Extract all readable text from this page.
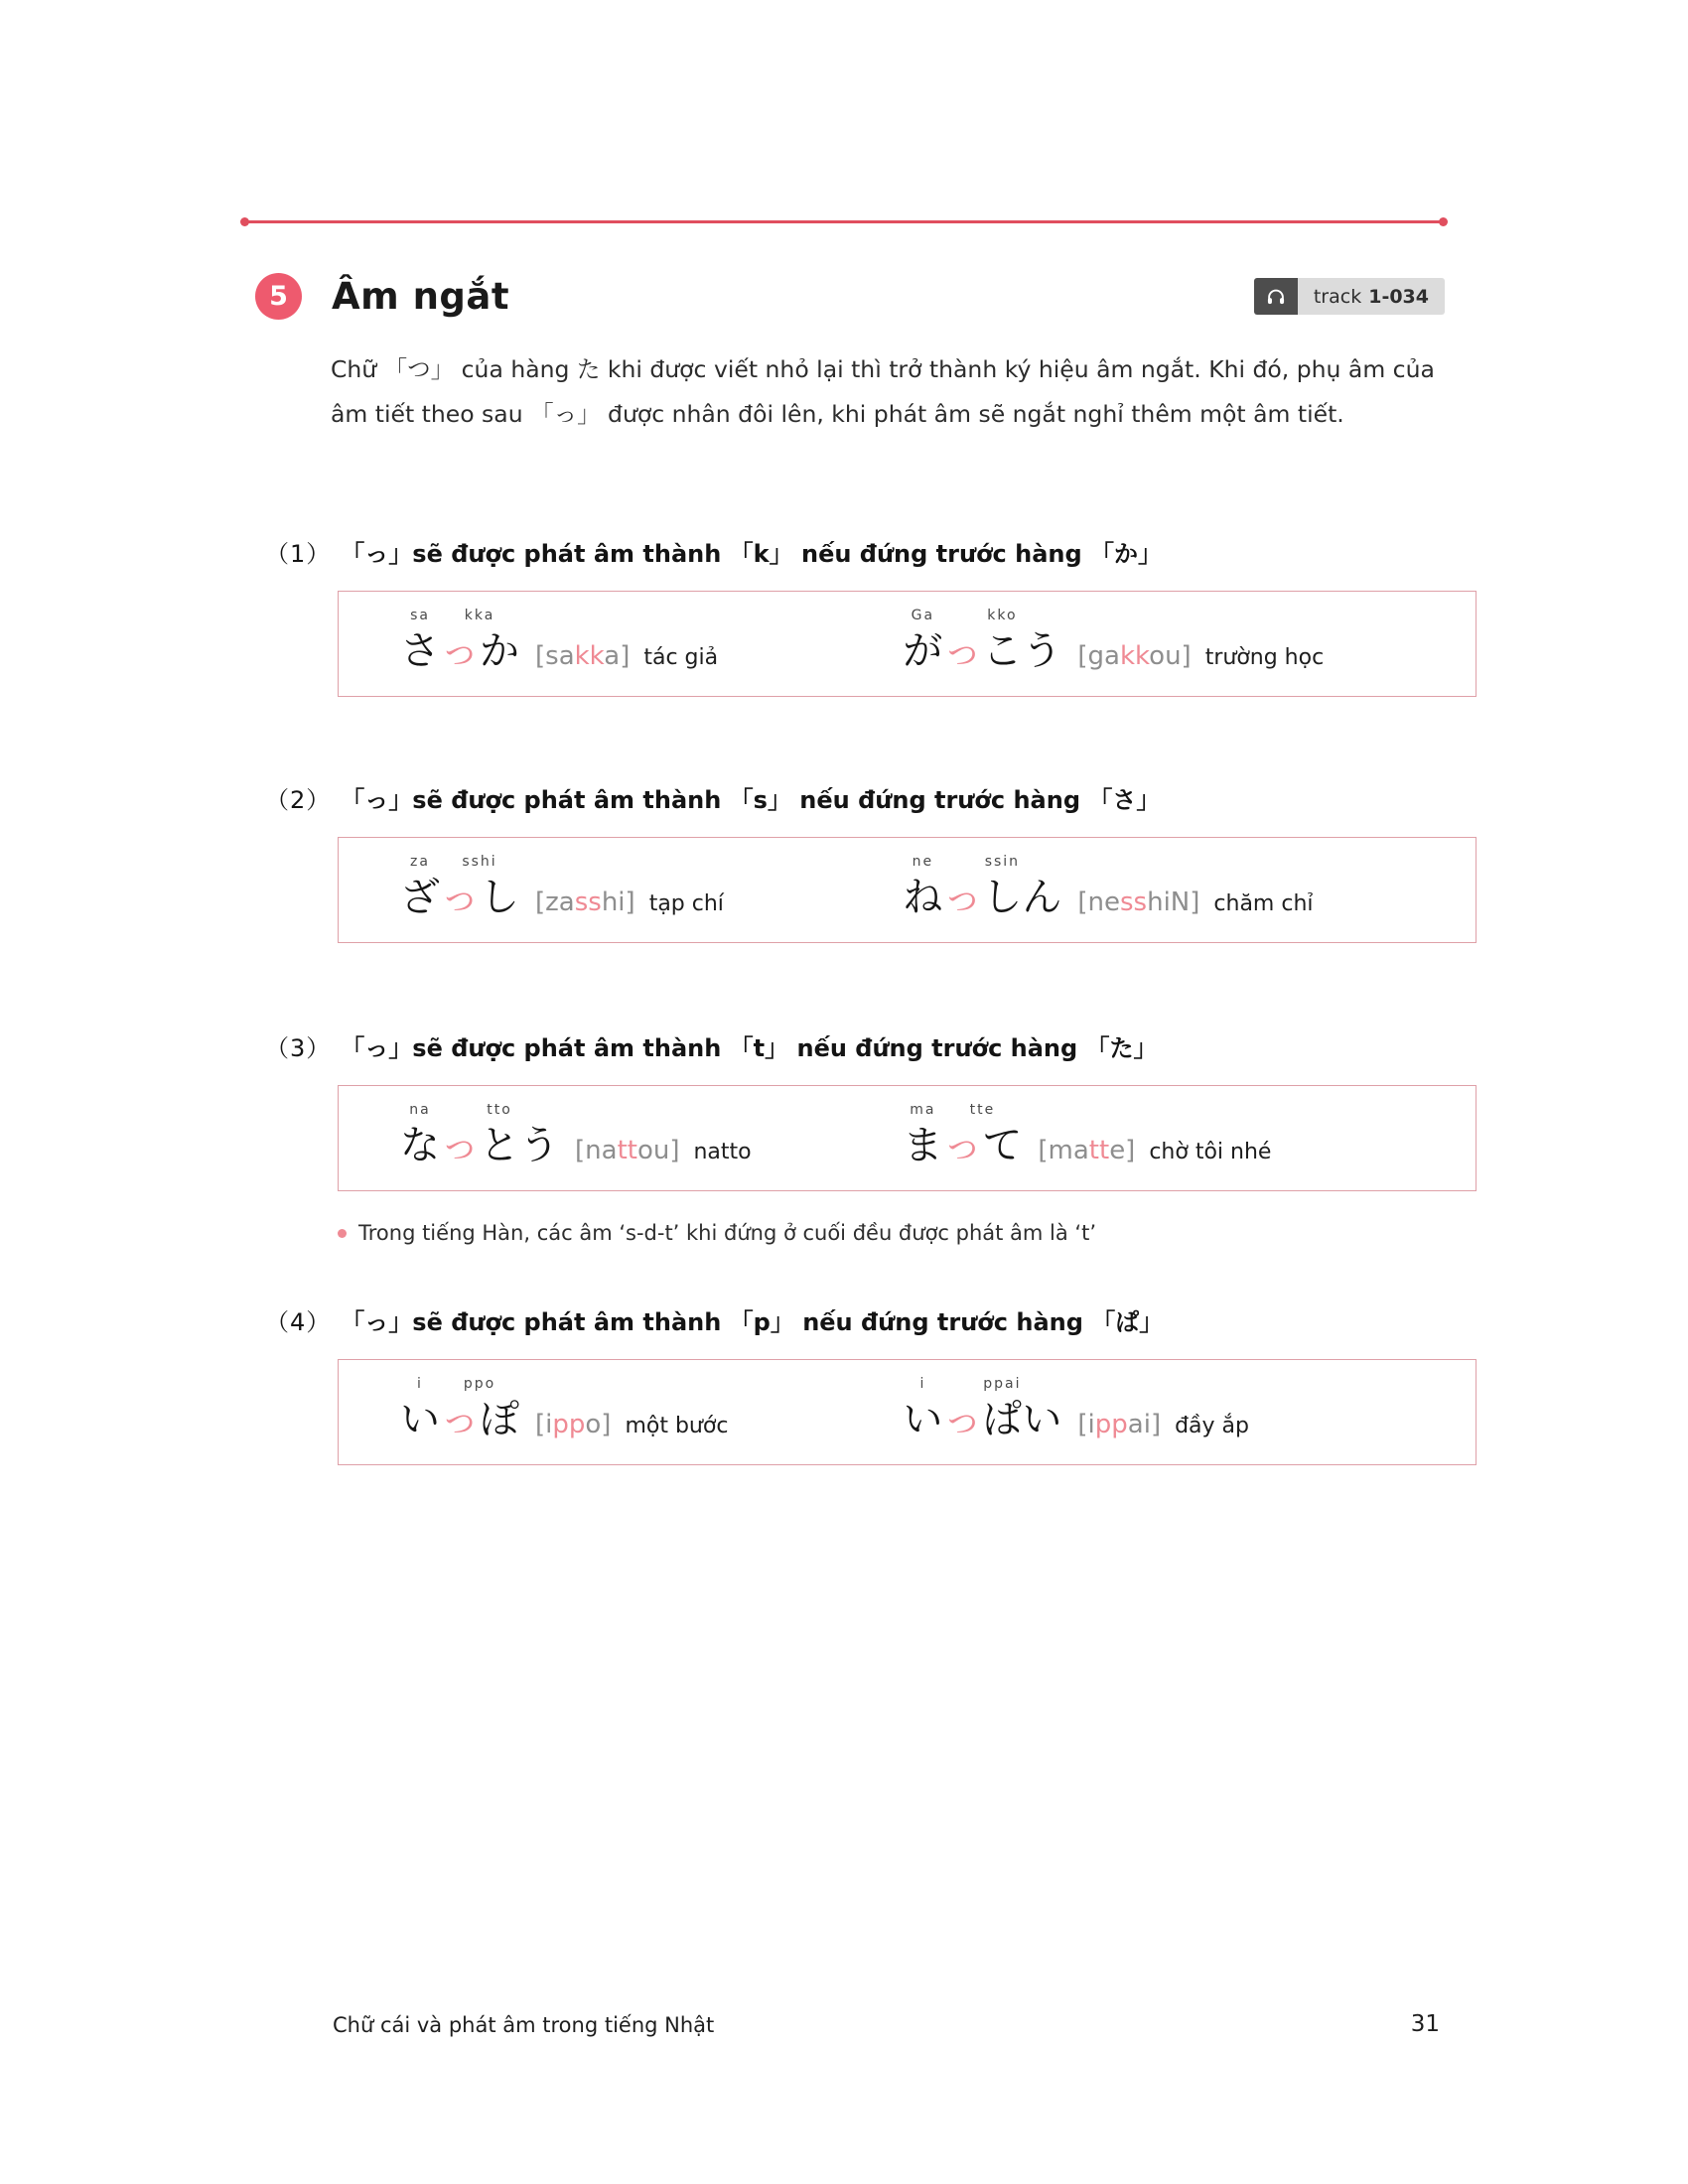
5	Âm ngắt	track 1-034

Chữ 「つ」 của hàng た khi được viết nhỏ lại thì trở thành ký hiệu âm ngắt. Khi đó, phụ âm của âm tiết theo sau 「っ」 được nhân đôi lên, khi phát âm sẽ ngắt nghỉ thêm một âm tiết.

（1） 「っ」sẽ được phát âm thành 「k」 nếu đứng trước hàng 「か」
さsaっかkka
[sakka] tác giả	がGaっこうkko
[gakkou] trường học
（2） 「っ」sẽ được phát âm thành 「s」 nếu đứng trước hàng 「さ」
ざzaっしsshi
[zasshi] tạp chí	ねneっしんssin
[nesshiN] chăm chỉ
（3） 「っ」sẽ được phát âm thành 「t」 nếu đứng trước hàng 「た」
なnaっとうtto
[nattou] natto	まmaってtte
[matte] chờ tôi nhé
Trong tiếng Hàn, các âm ‘s-d-t’ khi đứng ở cuối đều được phát âm là ‘t’
（4） 「っ」sẽ được phát âm thành 「p」 nếu đứng trước hàng 「ぱ」
いiっぽppo
[ippo] một bước	いiっぱいppai
[ippai] đầy ắp
Chữ cái và phát âm trong tiếng Nhật	31
